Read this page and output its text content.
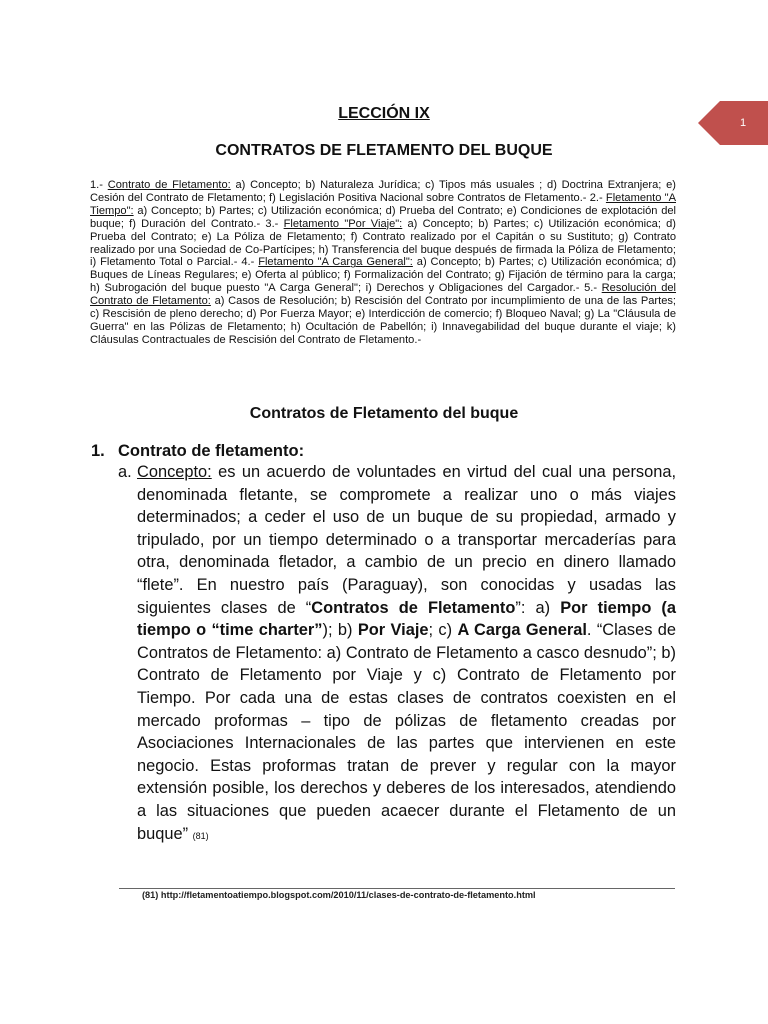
1
LECCIÓN IX
CONTRATOS DE FLETAMENTO DEL BUQUE

1.- Contrato de Fletamento: a) Concepto; b) Naturaleza Jurídica; c) Tipos más usuales ; d) Doctrina Extranjera; e) Cesión del Contrato de Fletamento; f) Legislación Positiva Nacional sobre Contratos de Fletamento.- 2.- Fletamento "A Tiempo": a) Concepto; b) Partes; c) Utilización económica; d) Prueba del Contrato; e) Condiciones de explotación del buque; f) Duración del Contrato.- 3.- Fletamento "Por Viaje": a) Concepto; b) Partes; c) Utilización económica; d) Prueba del Contrato; e) La Póliza de Fletamento; f) Contrato realizado por el Capitán o su Sustituto; g) Contrato realizado por una Sociedad de Co-Partícipes; h) Transferencia del buque después de firmada la Póliza de Fletamento; i) Fletamento Total o Parcial.- 4.- Fletamento "A Carga General": a) Concepto; b) Partes; c) Utilización económica; d) Buques de Líneas Regulares; e) Oferta al público; f) Formalización del Contrato; g) Fijación de término para la carga; h) Subrogación del buque puesto "A Carga General"; i) Derechos y Obligaciones del Cargador.- 5.- Resolución del Contrato de Fletamento: a) Casos de Resolución; b) Rescisión del Contrato por incumplimiento de una de las Partes; c) Rescisión de pleno derecho; d) Por Fuerza Mayor; e) Interdicción de comercio; f) Bloqueo Naval; g) La "Cláusula de Guerra" en las Pólizas de Fletamento; h) Ocultación de Pabellón; i) Innavegabilidad del buque durante el viaje; k) Cláusulas Contractuales de Rescisión del Contrato de Fletamento.-

Contratos de Fletamento del buque
1. Contrato de fletamento:
a. Concepto: es un acuerdo de voluntades en virtud del cual una persona, denominada fletante, se compromete a realizar uno o más viajes determinados; a ceder el uso de un buque de su propiedad, armado y tripulado, por un tiempo determinado o a transportar mercaderías para otra, denominada fletador, a cambio de un precio en dinero llamado “flete”. En nuestro país (Paraguay), son conocidas y usadas las siguientes clases de “Contratos de Fletamento”: a) Por tiempo (a tiempo o “time charter”); b) Por Viaje; c) A Carga General. “Clases de Contratos de Fletamento: a) Contrato de Fletamento a casco desnudo”; b) Contrato de Fletamento por Viaje y c) Contrato de Fletamento por Tiempo. Por cada una de estas clases de contratos coexisten en el mercado proformas – tipo de pólizas de fletamento creadas por Asociaciones Internacionales de las partes que intervienen en este negocio. Estas proformas tratan de prever y regular con la mayor extensión posible, los derechos y deberes de los interesados, atendiendo a las situaciones que pueden acaecer durante el Fletamento de un buque” (81)

(81) http://fletamentoatiempo.blogspot.com/2010/11/clases-de-contrato-de-fletamento.html
